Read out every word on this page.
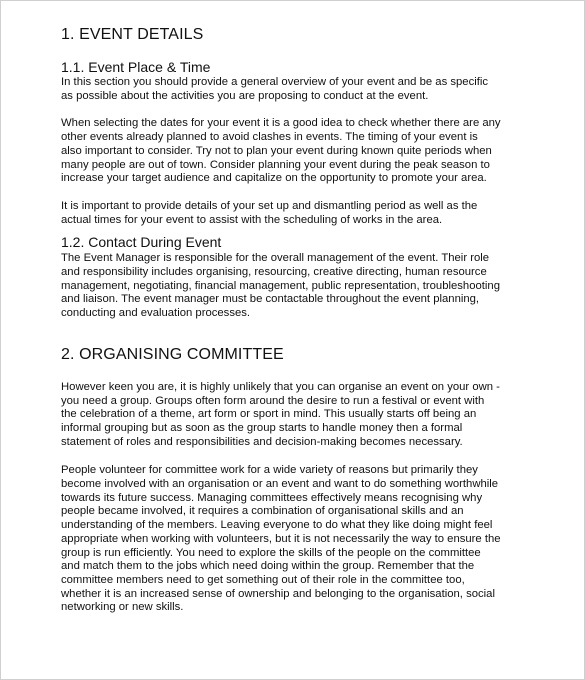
1. EVENT DETAILS
1.1. Event Place & Time

In this section you should provide a general overview of your event and be as specific
as possible about the activities you are proposing to conduct at the event.

When selecting the dates for your event it is a good idea to check whether there are any
other events already planned to avoid clashes in events. The timing of your event is
also important to consider. Try not to plan your event during known quite periods when
many people are out of town. Consider planning your event during the peak season to
increase your target audience and capitalize on the opportunity to promote your area.

It is important to provide details of your set up and dismantling period as well as the
actual times for your event to assist with the scheduling of works in the area.

1.2. Contact During Event

The Event Manager is responsible for the overall management of the event. Their role
and responsibility includes organising, resourcing, creative directing, human resource
management, negotiating, financial management, public representation, troubleshooting
and liaison. The event manager must be contactable throughout the event planning,
conducting and evaluation processes.

2. ORGANISING COMMITTEE

However keen you are, it is highly unlikely that you can organise an event on your own -
you need a group. Groups often form around the desire to run a festival or event with
the celebration of a theme, art form or sport in mind. This usually starts off being an
informal grouping but as soon as the group starts to handle money then a formal
statement of roles and responsibilities and decision-making becomes necessary.

People volunteer for committee work for a wide variety of reasons but primarily they
become involved with an organisation or an event and want to do something worthwhile
towards its future success. Managing committees effectively means recognising why
people became involved, it requires a combination of organisational skills and an
understanding of the members. Leaving everyone to do what they like doing might feel
appropriate when working with volunteers, but it is not necessarily the way to ensure the
group is run efficiently. You need to explore the skills of the people on the committee
and match them to the jobs which need doing within the group. Remember that the
committee members need to get something out of their role in the committee too,
whether it is an increased sense of ownership and belonging to the organisation, social
networking or new skills.
